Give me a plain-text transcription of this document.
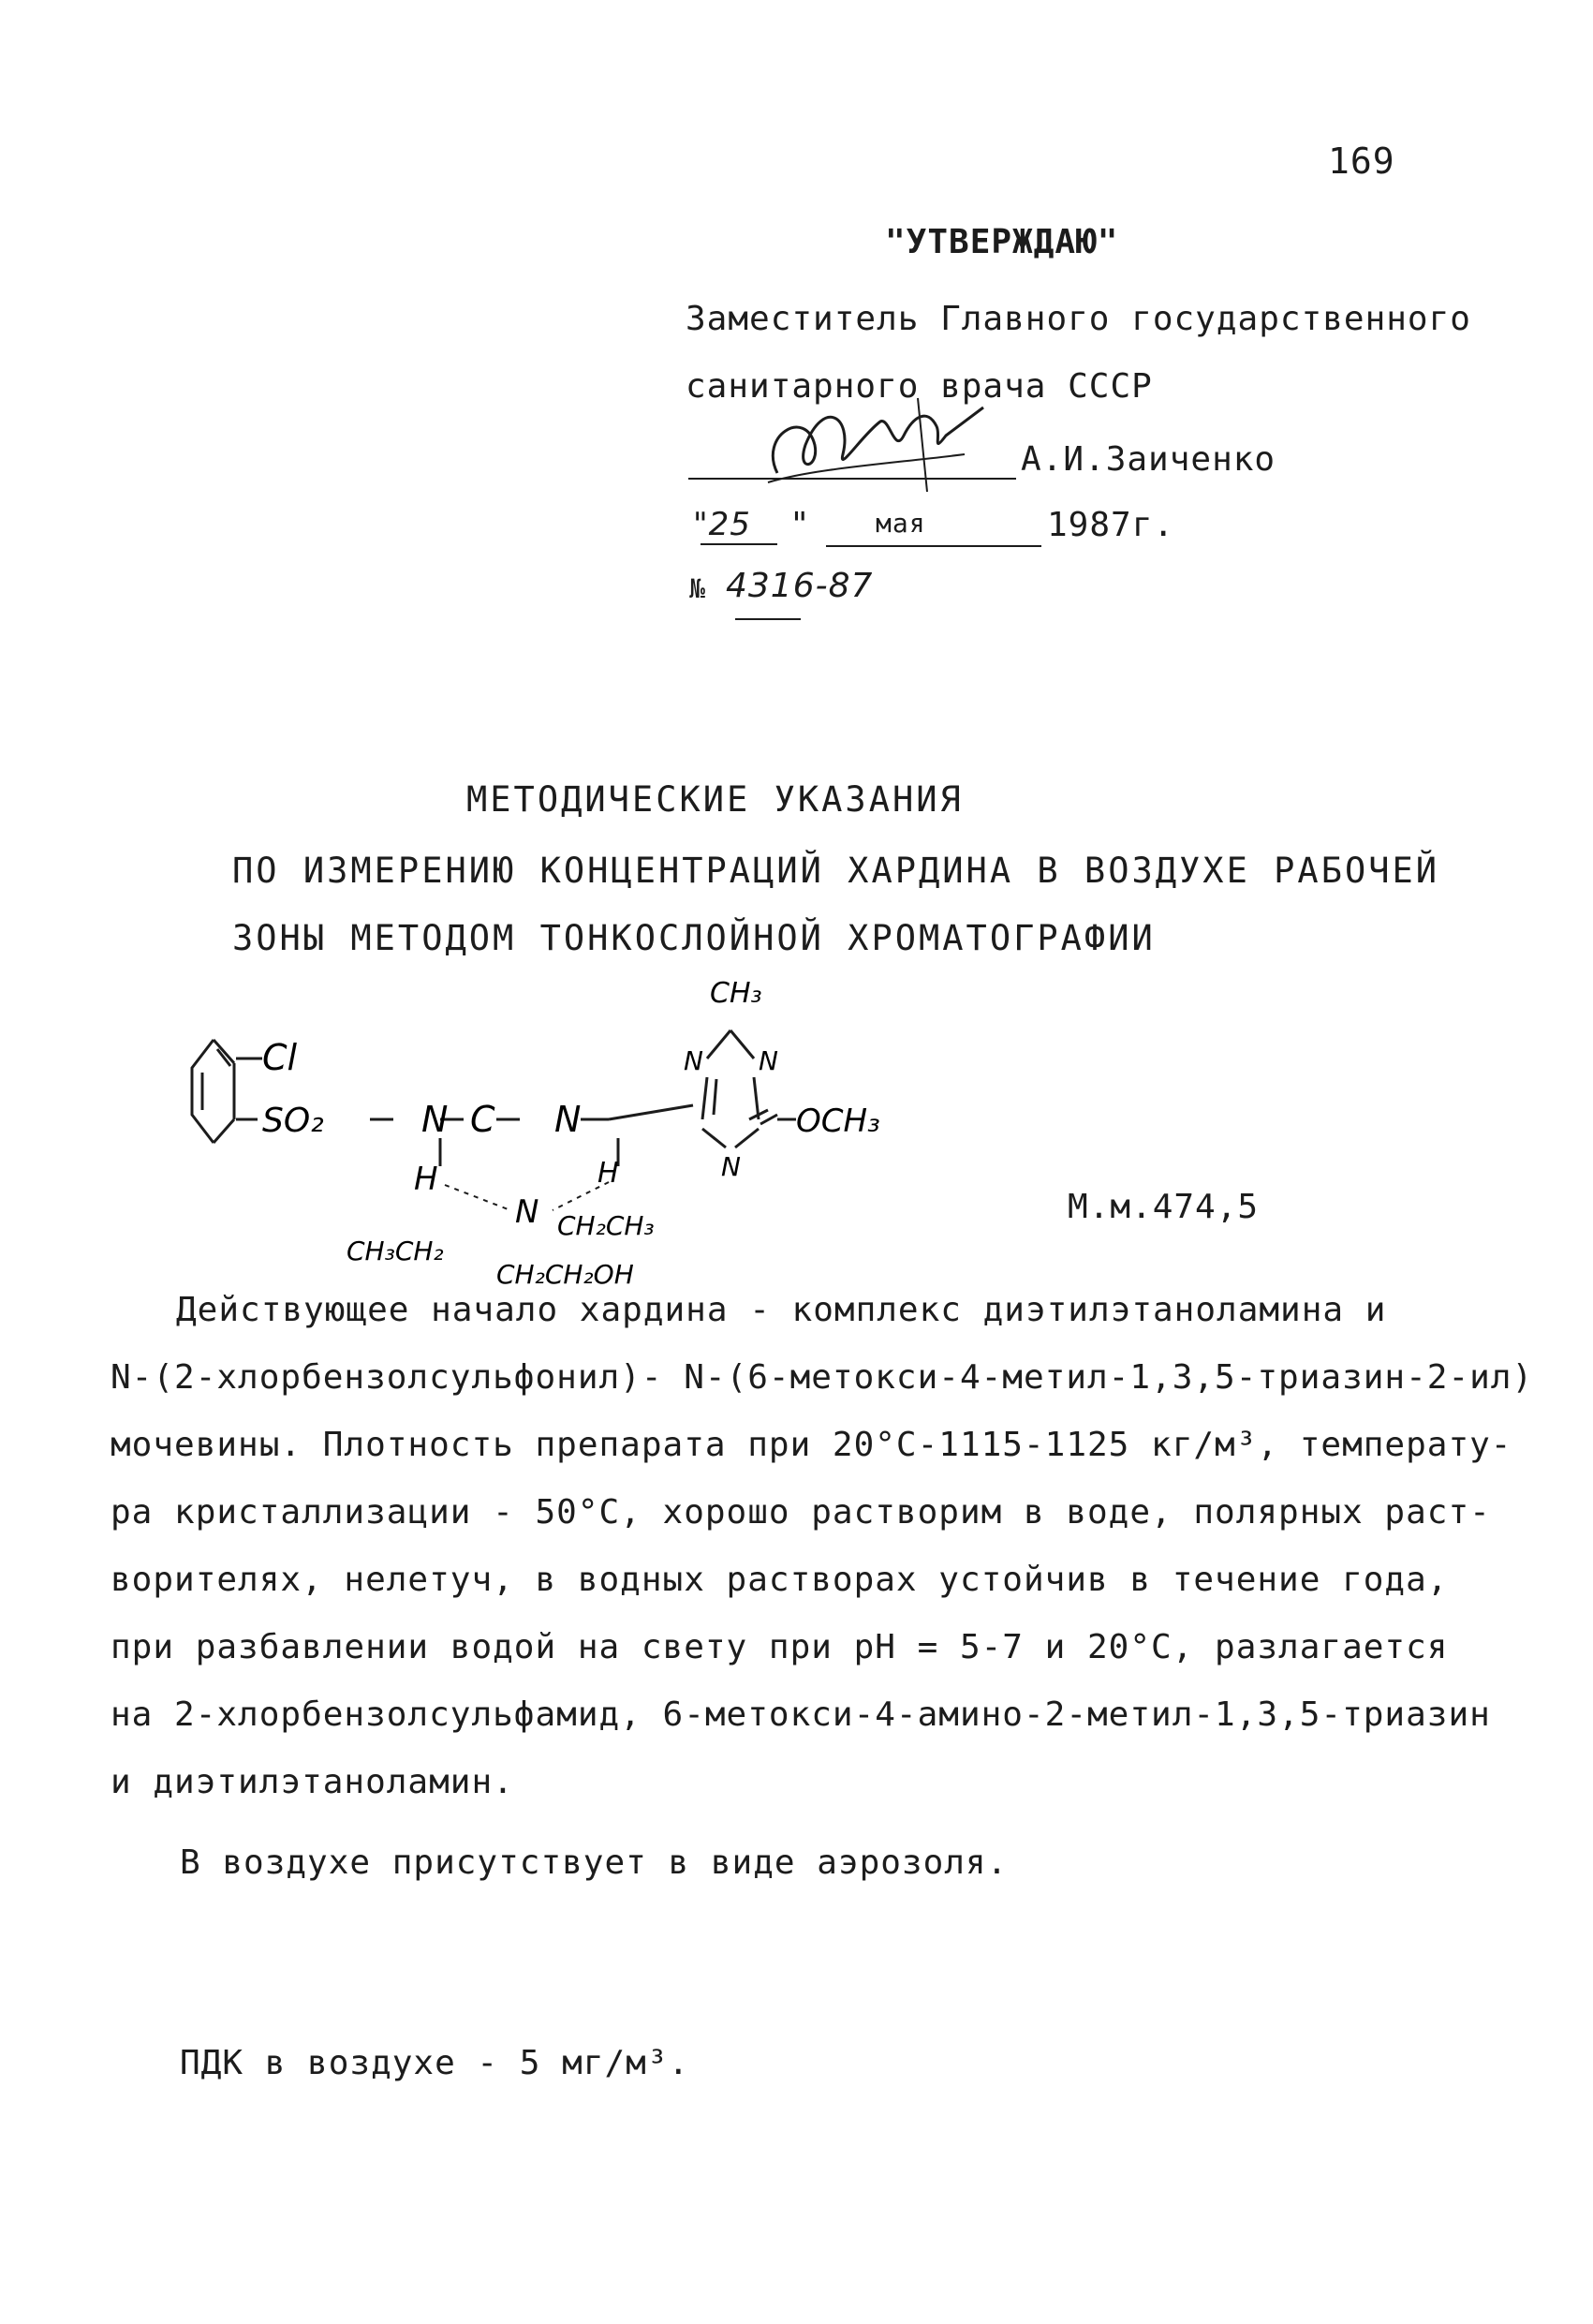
169
"УТВЕРЖДАЮ"
Заместитель Главного государственного
санитарного врача СССР
А.И.Заиченко
"25 " мая	1987г.
№ 4316-87
МЕТОДИЧЕСКИЕ УКАЗАНИЯ
ПО ИЗМЕРЕНИЮ КОНЦЕНТРАЦИЙ ХАРДИНА В ВОЗДУХЕ РАБОЧЕЙ
ЗОНЫ МЕТОДОМ ТОНКОСЛОЙНОЙ ХРОМАТОГРАФИИ
Cl
SO₂	N C N
CH₃
N N
OCH₃
N
H	H
N CH₂CH₃
CH₃CH₂
CH₂CH₂OH
М.м.474,5
Действующее начало хардина - комплекс диэтилэтаноламина и
N-(2-хлорбензолсульфонил)- N-(6-метокси-4-метил-1,3,5-триазин-2-ил)
мочевины. Плотность препарата при 20°С-1115-1125 кг/м³, температу-
ра кристаллизации - 50°С, хорошо растворим в воде, полярных раст-
ворителях, нелетуч, в водных растворах устойчив в течение года,
при разбавлении водой на свету при рН = 5-7 и 20°С, разлагается
на 2-хлорбензолсульфамид, 6-метокси-4-амино-2-метил-1,3,5-триазин
и диэтилэтаноламин.
В воздухе присутствует в виде аэрозоля.
ПДК в воздухе - 5 мг/м³.
